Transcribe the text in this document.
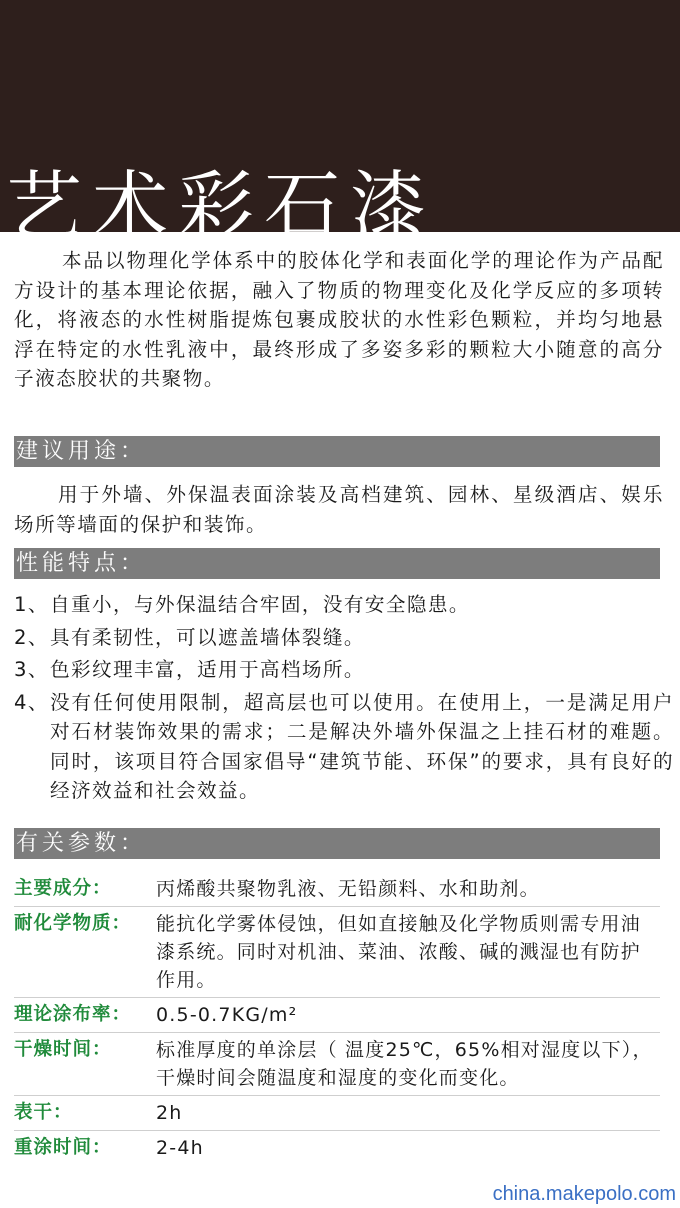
艺术彩石漆

本品以物理化学体系中的胶体化学和表面化学的理论作为产品配方设计的基本理论依据，融入了物质的物理变化及化学反应的多项转化，将液态的水性树脂提炼包裹成胶状的水性彩色颗粒，并均匀地悬浮在特定的水性乳液中，最终形成了多姿多彩的颗粒大小随意的高分子液态胶状的共聚物。

建议用途：

用于外墙、外保温表面涂装及高档建筑、园林、星级酒店、娱乐场所等墙面的保护和装饰。

性能特点：
1、 自重小，与外保温结合牢固，没有安全隐患。
2、 具有柔韧性，可以遮盖墙体裂缝。
3、 色彩纹理丰富，适用于高档场所。
4、 没有任何使用限制，超高层也可以使用。在使用上，一是满足用户对石材装饰效果的需求；二是解决外墙外保温之上挂石材的难题。同时，该项目符合国家倡导“建筑节能、环保”的要求，具有良好的经济效益和社会效益。
有关参数：
主要成分：	丙烯酸共聚物乳液、无铅颜料、水和助剂。
耐化学物质：	能抗化学雾体侵蚀，但如直接触及化学物质则需专用油漆系统。同时对机油、菜油、浓酸、碱的溅湿也有防护作用。
理论涂布率：	0.5-0.7KG/m²
干燥时间：	标准厚度的单涂层（ 温度25℃，65%相对湿度以下），干燥时间会随温度和湿度的变化而变化。
表干：	2h
重涂时间：	2-4h
china.makepolo.com
